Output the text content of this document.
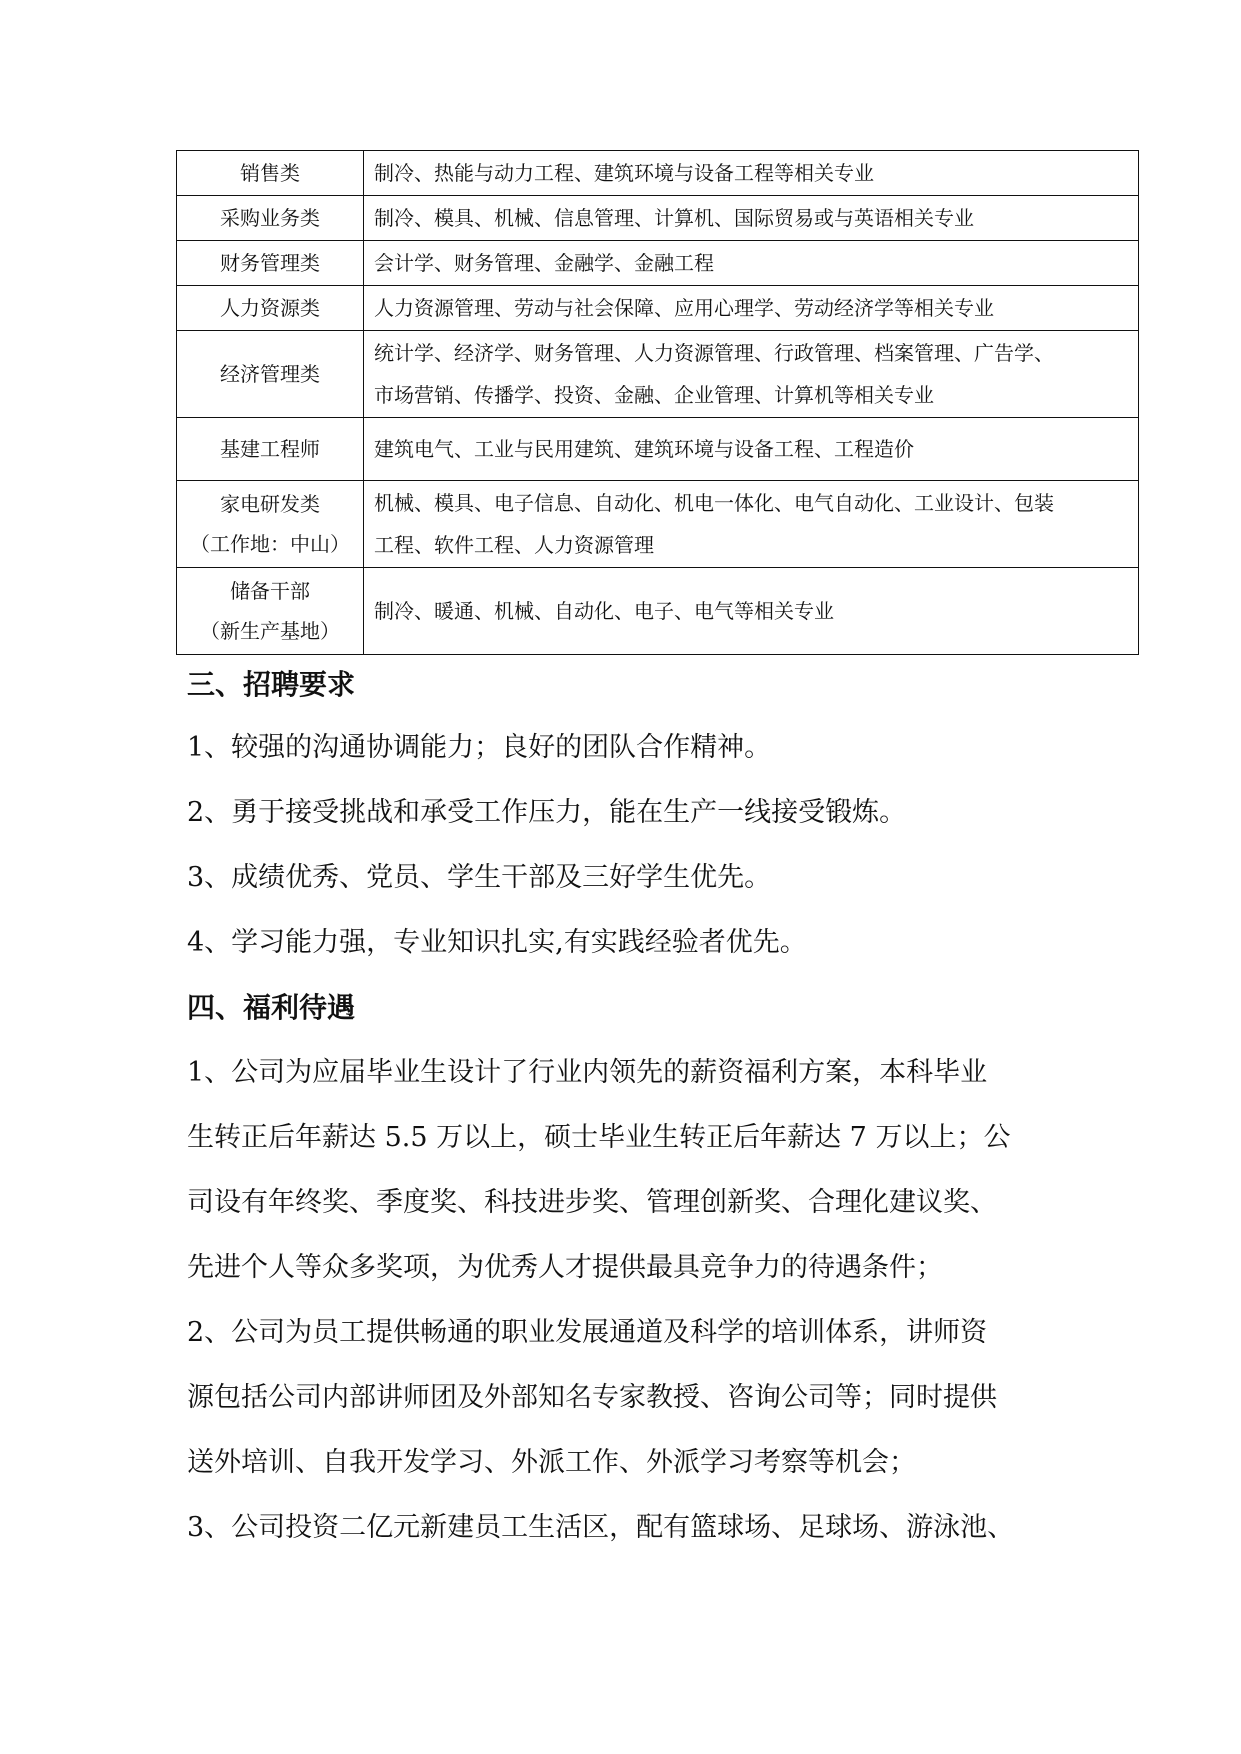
销售类	制冷、热能与动力工程、建筑环境与设备工程等相关专业

采购业务类	制冷、模具、机械、信息管理、计算机、国际贸易或与英语相关专业

财务管理类	会计学、财务管理、金融学、金融工程

人力资源类	人力资源管理、劳动与社会保障、应用心理学、劳动经济学等相关专业

经济管理类	统计学、经济学、财务管理、人力资源管理、行政管理、档案管理、广告学、
市场营销、传播学、投资、金融、企业管理、计算机等相关专业

基建工程师	建筑电气、工业与民用建筑、建筑环境与设备工程、工程造价

家电研发类
（工作地：中山）	机械、模具、电子信息、自动化、机电一体化、电气自动化、工业设计、包装
工程、软件工程、人力资源管理

储备干部
（新生产基地）	制冷、暖通、机械、自动化、电子、电气等相关专业
三、招聘要求
1、较强的沟通协调能力；良好的团队合作精神。
2、勇于接受挑战和承受工作压力，能在生产一线接受锻炼。
3、成绩优秀、党员、学生干部及三好学生优先。
4、学习能力强，专业知识扎实,有实践经验者优先。
四、福利待遇
1、公司为应届毕业生设计了行业内领先的薪资福利方案，本科毕业
生转正后年薪达 5.5 万以上，硕士毕业生转正后年薪达 7 万以上；公
司设有年终奖、季度奖、科技进步奖、管理创新奖、合理化建议奖、
先进个人等众多奖项，为优秀人才提供最具竞争力的待遇条件；
2、公司为员工提供畅通的职业发展通道及科学的培训体系，讲师资
源包括公司内部讲师团及外部知名专家教授、咨询公司等；同时提供
送外培训、自我开发学习、外派工作、外派学习考察等机会；
3、公司投资二亿元新建员工生活区，配有篮球场、足球场、游泳池、
